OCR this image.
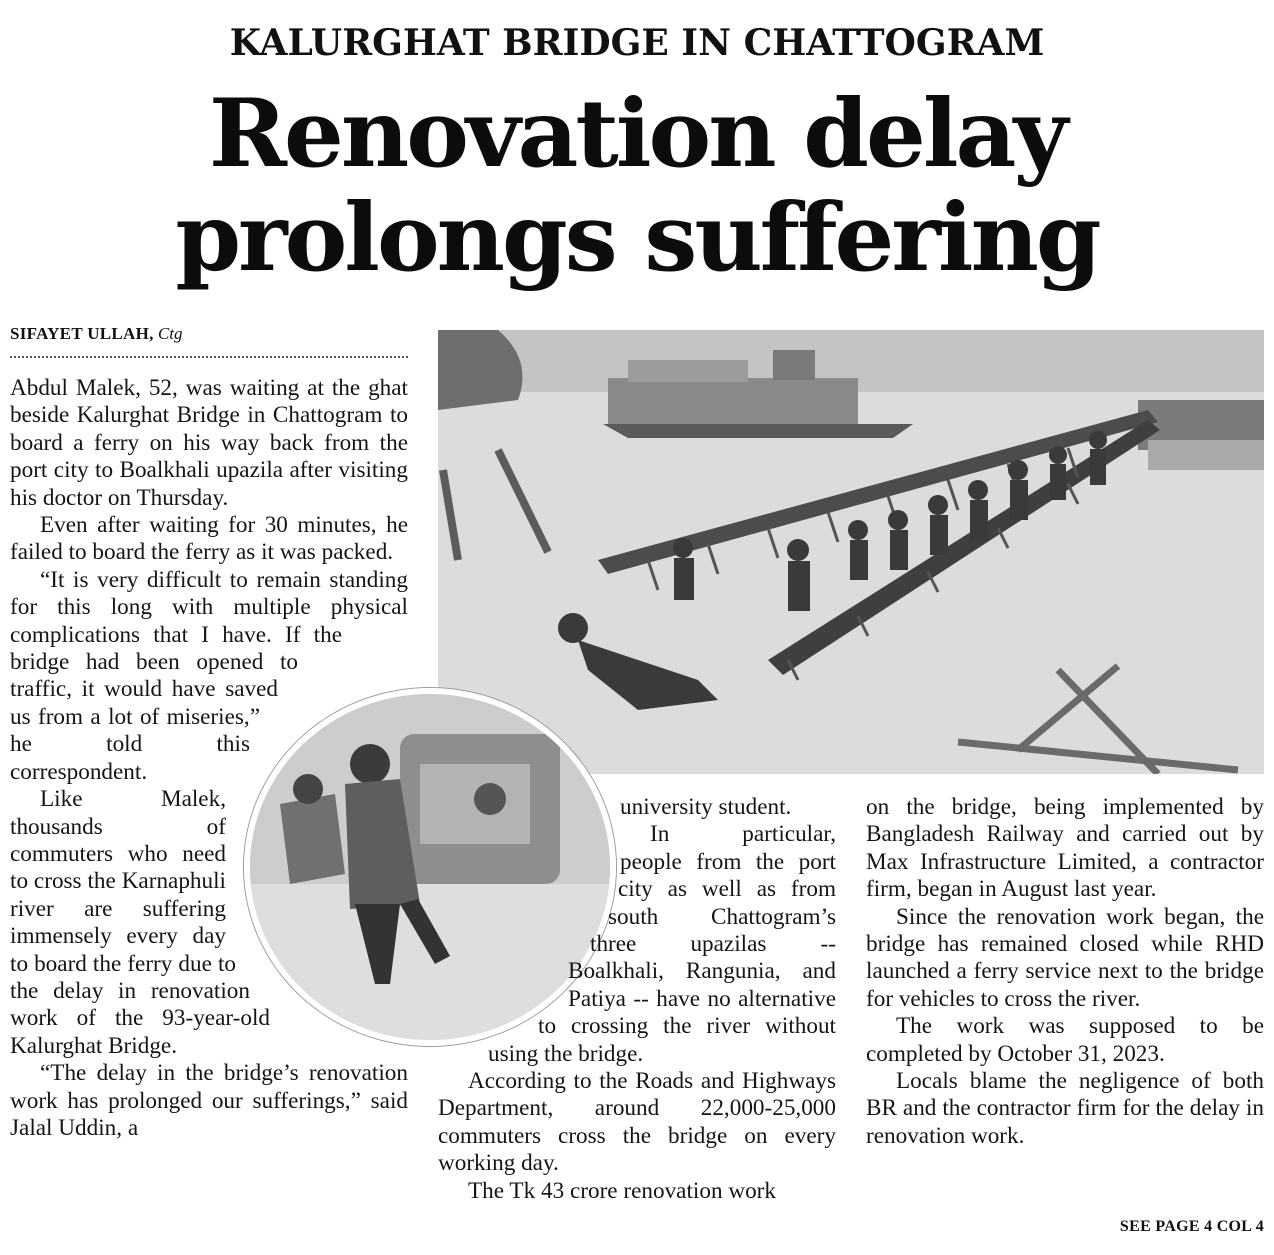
KALURGHAT BRIDGE IN CHATTOGRAM
Renovation delay
prolongs suffering
SIFAYET ULLAH, Ctg

Abdul Malek, 52, was waiting at the ghat beside Kalurghat Bridge in Chattogram to board a ferry on his way back from the port city to Boalkhali upazila after visiting his doctor on Thursday.

Even after waiting for 30 minutes, he failed to board the ferry as it was packed.

“It is very difficult to remain standing for this long with multiple physical complications that I have. If the bridge had been opened to traffic, it would have saved us from a lot of miseries,” he told this correspondent.

Like Malek, thousands of commuters who need to cross the Karnaphuli river are suffering immensely every day to board the ferry due to the delay in renovation work of the 93-year-old Kalurghat Bridge.

“The delay in the bridge’s renovation work has prolonged our sufferings,” said Jalal Uddin, a

university student.

In particular, people from the port city as well as from south Chattogram’s three upazilas -- Boalkhali, Rangunia, and Patiya -- have no alternative to crossing the river without using the bridge.

According to the Roads and Highways Department, around 22,000-25,000 commuters cross the bridge on every working day.

The Tk 43 crore renovation work

on the bridge, being implemented by Bangladesh Railway and carried out by Max Infrastructure Limited, a contractor firm, began in August last year.

Since the renovation work began, the bridge has remained closed while RHD launched a ferry service next to the bridge for vehicles to cross the river.

The work was supposed to be completed by October 31, 2023.

Locals blame the negligence of both BR and the contractor firm for the delay in renovation work.

SEE PAGE 4 COL 4
